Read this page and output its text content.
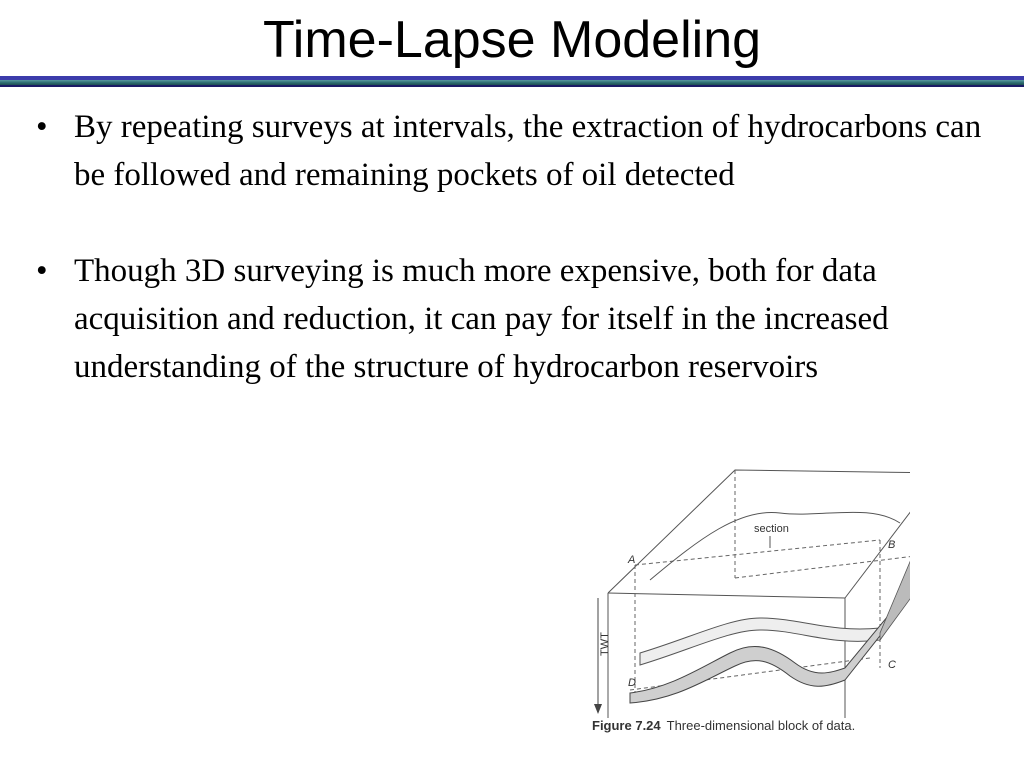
Time-Lapse Modeling
• By repeating surveys at intervals, the extraction of hydrocarbons can be followed and remaining pockets of oil detected
• Though 3D surveying is much more expensive, both for data acquisition and reduction, it can pay for itself in the increased understanding of the structure of hydrocarbon reservoirs
TWT
section
A
B
C
D
Figure 7.24 Three-dimensional block of data.
